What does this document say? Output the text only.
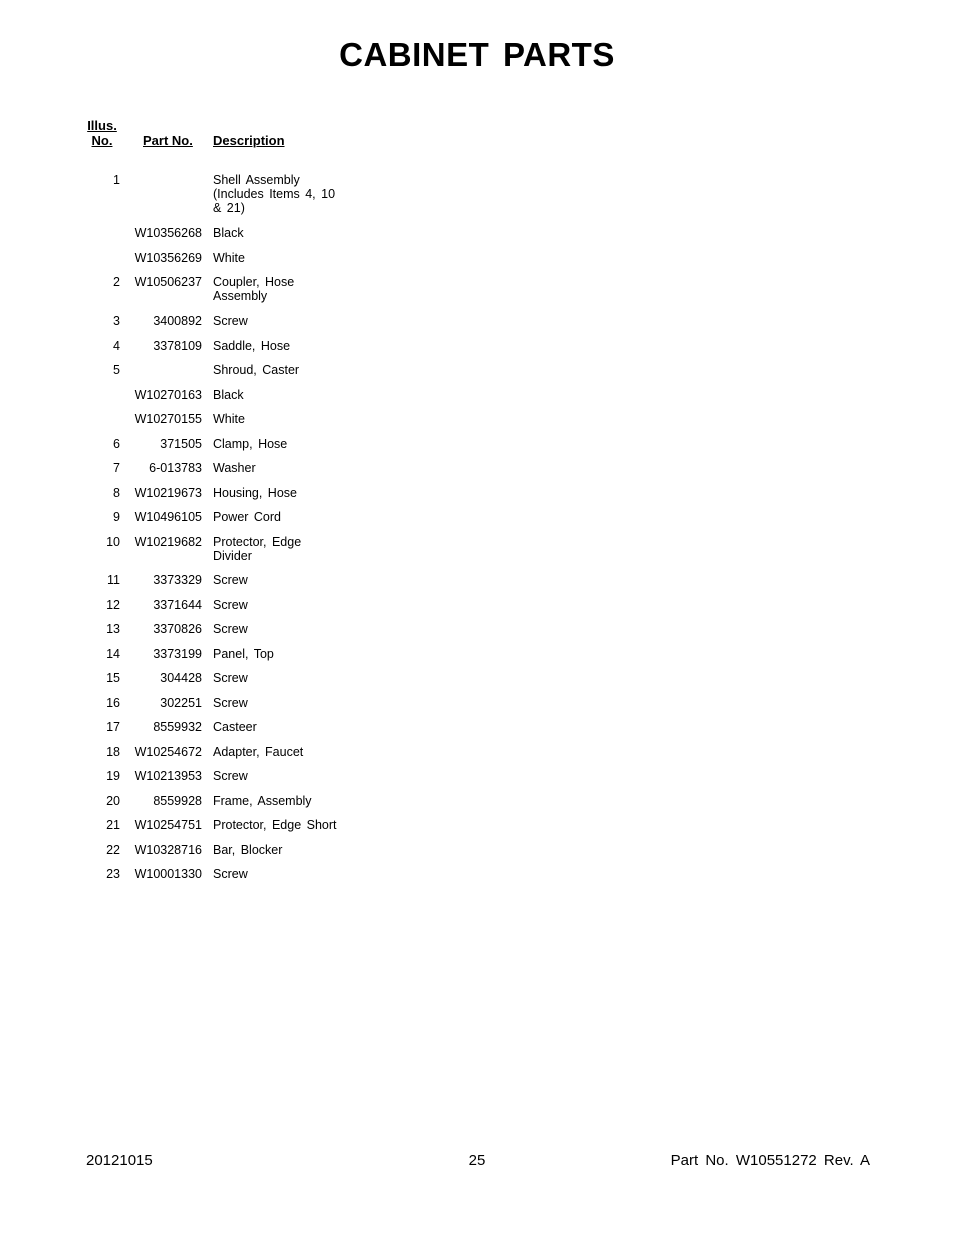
CABINET PARTS
Illus.
No.	Part No. Description
1	Shell Assembly (Includes Items 4, 10 & 21)
W10356268 Black
W10356269 White
2	W10506237 Coupler, Hose Assembly
3	3400892 Screw
4	3378109 Saddle, Hose
5	Shroud, Caster
W10270163 Black
W10270155 White
6	371505 Clamp, Hose
7	6-013783 Washer
8	W10219673 Housing, Hose
9	W10496105 Power Cord
10	W10219682 Protector, Edge Divider
11	3373329 Screw
12	3371644 Screw
13	3370826 Screw
14	3373199 Panel, Top
15	304428 Screw
16	302251 Screw
17	8559932 Casteer
18	W10254672 Adapter, Faucet
19	W10213953 Screw
20	8559928 Frame, Assembly
21	W10254751 Protector, Edge Short
22	W10328716 Bar, Blocker
23	W10001330 Screw
20121015	25	Part No. W10551272 Rev. A
